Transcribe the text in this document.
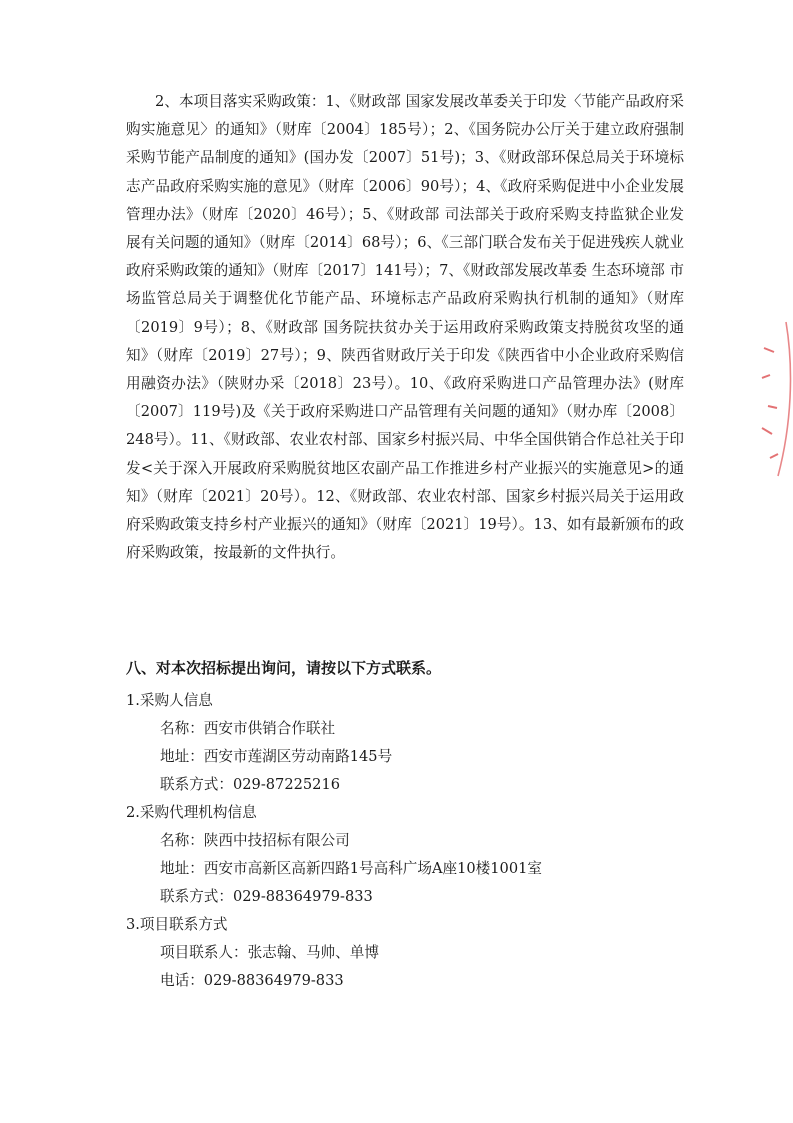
2、本项目落实采购政策：1、《财政部 国家发展改革委关于印发〈节能产品政府采购实施意见〉的通知》（财库〔2004〕185号）；2、《国务院办公厅关于建立政府强制采购节能产品制度的通知》(国办发〔2007〕51号)；3、《财政部环保总局关于环境标志产品政府采购实施的意见》（财库〔2006〕90号）；4、《政府采购促进中小企业发展管理办法》（财库〔2020〕46号）；5、《财政部 司法部关于政府采购支持监狱企业发展有关问题的通知》（财库〔2014〕68号）；6、《三部门联合发布关于促进残疾人就业政府采购政策的通知》（财库〔2017〕141号）；7、《财政部发展改革委 生态环境部 市场监管总局关于调整优化节能产品、环境标志产品政府采购执行机制的通知》（财库〔2019〕9号）；8、《财政部 国务院扶贫办关于运用政府采购政策支持脱贫攻坚的通知》（财库〔2019〕27号）；9、陕西省财政厅关于印发《陕西省中小企业政府采购信用融资办法》（陕财办采〔2018〕23号）。10、《政府采购进口产品管理办法》(财库〔2007〕119号)及《关于政府采购进口产品管理有关问题的通知》（财办库〔2008〕248号）。11、《财政部、农业农村部、国家乡村振兴局、中华全国供销合作总社关于印发<关于深入开展政府采购脱贫地区农副产品工作推进乡村产业振兴的实施意见>的通知》（财库〔2021〕20号）。12、《财政部、农业农村部、国家乡村振兴局关于运用政府采购政策支持乡村产业振兴的通知》（财库〔2021〕19号）。13、如有最新颁布的政府采购政策，按最新的文件执行。

八、对本次招标提出询问，请按以下方式联系。

1.采购人信息

名称：西安市供销合作联社

地址：西安市莲湖区劳动南路145号

联系方式：029-87225216

2.采购代理机构信息

名称：陕西中技招标有限公司

地址：西安市高新区高新四路1号高科广场A座10楼1001室

联系方式：029-88364979-833

3.项目联系方式

项目联系人：张志翰、马帅、单博

电话：029-88364979-833
